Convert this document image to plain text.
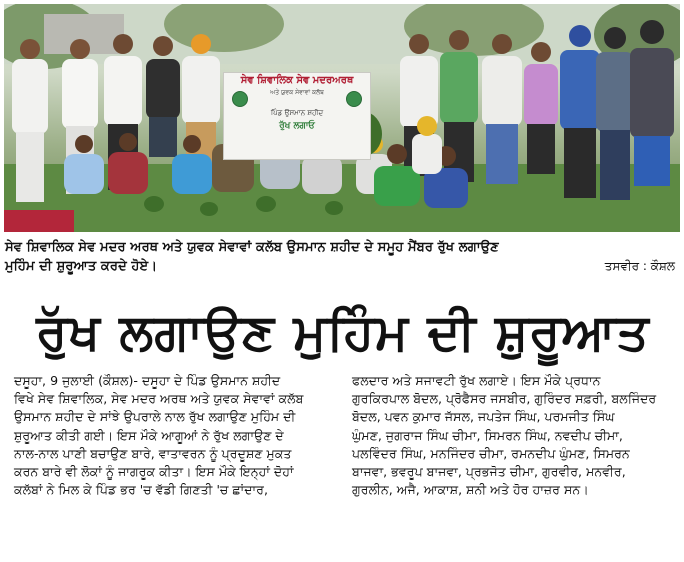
ਸੇਵ ਸ਼ਿਵਾਲਿਕ ਸੇਵ ਮਦਰਅਰਥ
ਅਤੇ ਯੁਵਕ ਸੇਵਾਵਾਂ ਕਲੱਬ
ਪਿੰਡ ਉਸਮਾਨ ਸ਼ਹੀਦ
ਰੁੱਖ ਲਗਾਓ
ਸੇਵ ਸ਼ਿਵਾਲਿਕ ਸੇਵ ਮਦਰ ਅਰਥ ਅਤੇ ਯੁਵਕ ਸੇਵਾਵਾਂ ਕਲੱਬ ਉਸਮਾਨ ਸ਼ਹੀਦ ਦੇ ਸਮੂਹ ਮੈਂਬਰ ਰੁੱਖ ਲਗਾਉਣ
ਮੁਹਿੰਮ ਦੀ ਸ਼ੁਰੂਆਤ ਕਰਦੇ ਹੋਏ।	ਤਸਵੀਰ : ਕੌਸ਼ਲ
ਰੁੱਖ ਲਗਾਉਣ ਮੁਹਿੰਮ ਦੀ ਸ਼ੁਰੂਆਤ
ਦਸੂਹਾ, 9 ਜੁਲਾਈ (ਕੌਸ਼ਲ)- ਦਸੂਹਾ ਦੇ ਪਿੰਡ ਉਸਮਾਨ ਸ਼ਹੀਦ
ਵਿਖੇ ਸੇਵ ਸ਼ਿਵਾਲਿਕ, ਸੇਵ ਮਦਰ ਅਰਥ ਅਤੇ ਯੁਵਕ ਸੇਵਾਵਾਂ ਕਲੱਬ
ਉਸਮਾਨ ਸ਼ਹੀਦ ਦੇ ਸਾਂਝੇ ਉਪਰਾਲੇ ਨਾਲ ਰੁੱਖ ਲਗਾਉਣ ਮੁਹਿੰਮ ਦੀ
ਸ਼ੁਰੂਆਤ ਕੀਤੀ ਗਈ। ਇਸ ਮੌਕੇ ਆਗੂਆਂ ਨੇ ਰੁੱਖ ਲਗਾਉਣ ਦੇ
ਨਾਲ-ਨਾਲ ਪਾਣੀ ਬਚਾਉਣ ਬਾਰੇ, ਵਾਤਾਵਰਨ ਨੂੰ ਪ੍ਰਦੂਸ਼ਣ ਮੁਕਤ
ਕਰਨ ਬਾਰੇ ਵੀ ਲੋਕਾਂ ਨੂੰ ਜਾਗਰੂਕ ਕੀਤਾ। ਇਸ ਮੌਕੇ ਇਨ੍ਹਾਂ ਦੋਹਾਂ
ਕਲੱਬਾਂ ਨੇ ਮਿਲ ਕੇ ਪਿੰਡ ਭਰ 'ਚ ਵੱਡੀ ਗਿਣਤੀ 'ਚ ਛਾਂਦਾਰ,
ਫਲਦਾਰ ਅਤੇ ਸਜਾਵਟੀ ਰੁੱਖ ਲਗਾਏ। ਇਸ ਮੌਕੇ ਪ੍ਰਧਾਨ
ਗੁਰਕਿਰਪਾਲ ਬੋਦਲ, ਪ੍ਰੋਫੈਸਰ ਜਸਬੀਰ, ਗੁਰਿੰਦਰ ਸਫ਼ਰੀ, ਬਲਜਿੰਦਰ
ਬੋਦਲ, ਪਵਨ ਕੁਮਾਰ ਜੱਸਲ, ਜਪਤੇਜ ਸਿੰਘ, ਪਰਮਜੀਤ ਸਿੰਘ
ਘੁੰਮਣ, ਜੁਗਰਾਜ ਸਿੰਘ ਚੀਮਾ, ਸਿਮਰਨ ਸਿੰਘ, ਨਵਦੀਪ ਚੀਮਾ,
ਪਲਵਿੰਦਰ ਸਿੰਘ, ਮਨਜਿੰਦਰ ਚੀਮਾ, ਰਮਨਦੀਪ ਘੁੰਮਣ, ਸਿਮਰਨ
ਬਾਜਵਾ, ਭਵਰੂਪ ਬਾਜਵਾ, ਪ੍ਰਭਜੋਤ ਚੀਮਾ, ਗੁਰਵੀਰ, ਮਨਵੀਰ,
ਗੁਰਲੀਨ, ਅਜੈ, ਆਕਾਸ਼, ਸ਼ਨੀ ਅਤੇ ਹੋਰ ਹਾਜ਼ਰ ਸਨ।
